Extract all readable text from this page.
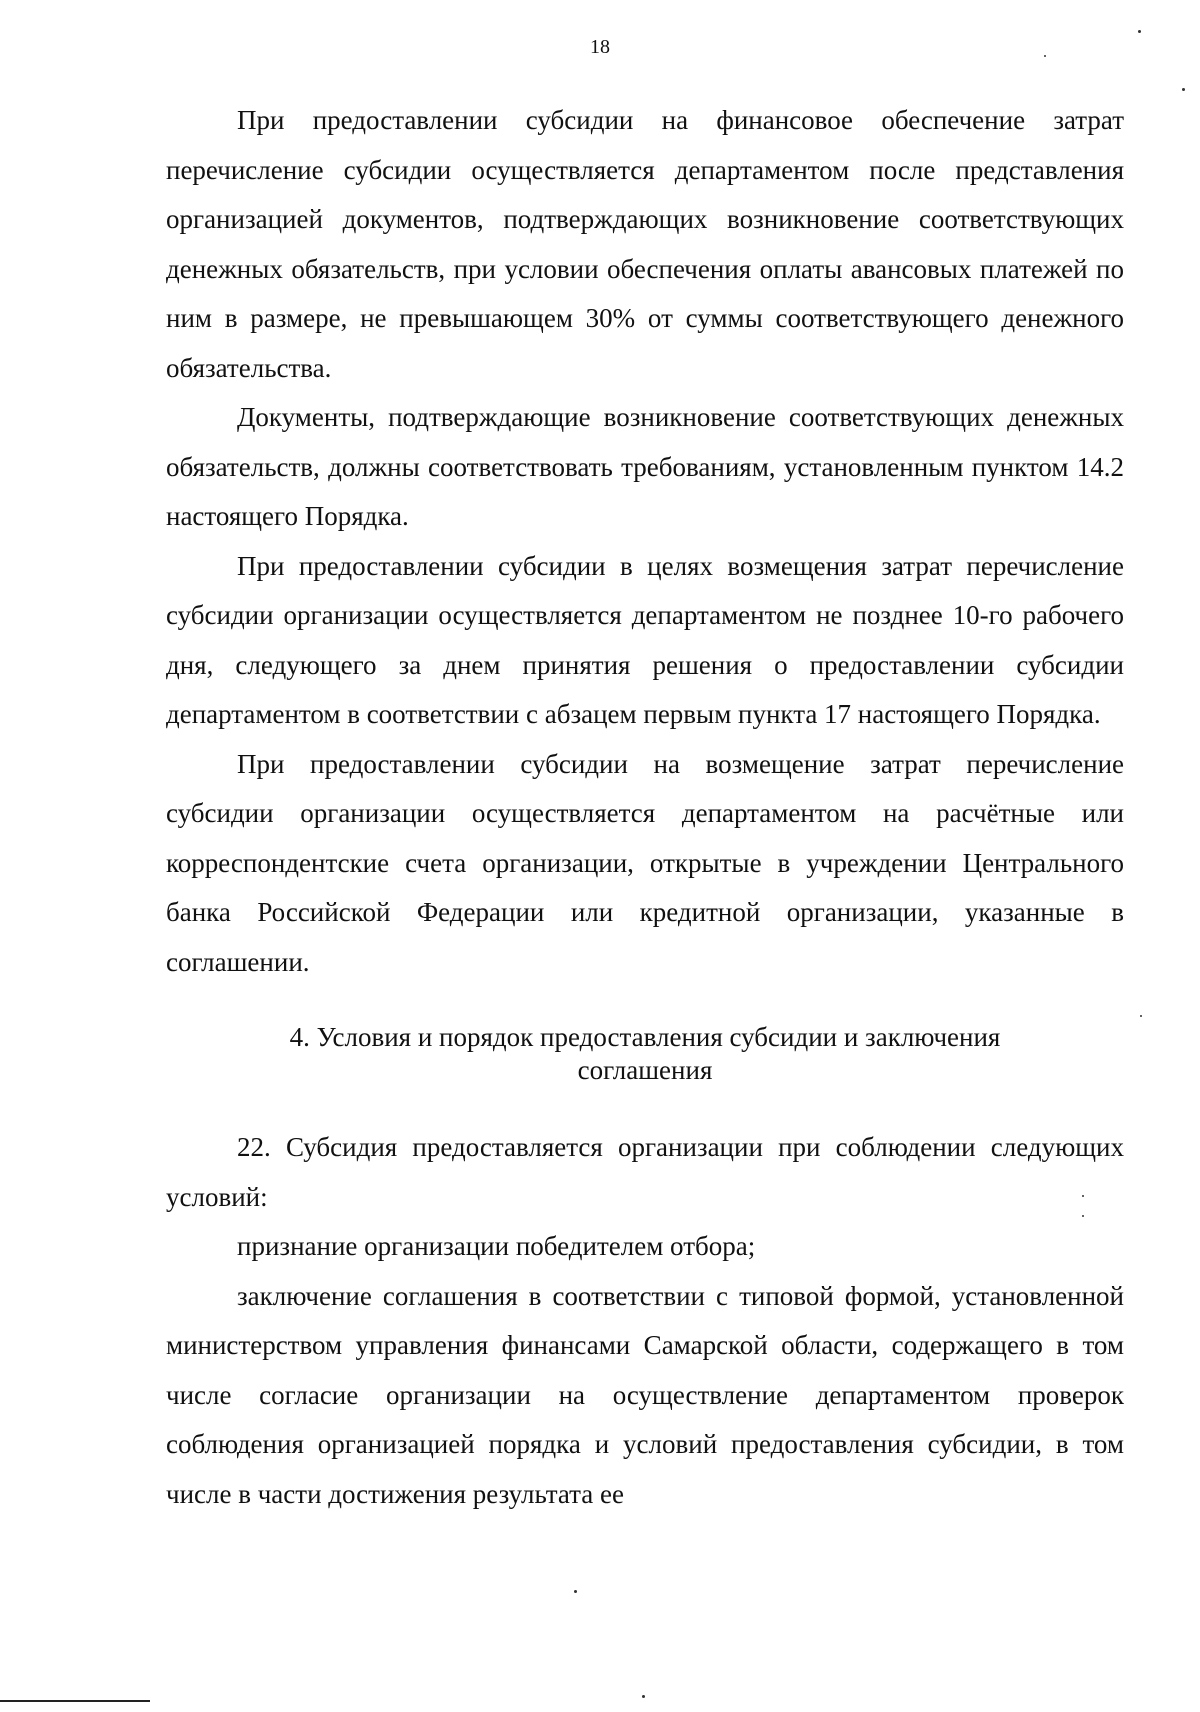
18

При предоставлении субсидии на финансовое обеспечение затрат перечисление субсидии осуществляется департаментом после представления организацией документов, подтверждающих возникновение соответствующих денежных обязательств, при условии обеспечения оплаты авансовых платежей по ним в размере, не превышающем 30% от суммы соответствующего денежного обязательства.

Документы, подтверждающие возникновение соответствующих денежных обязательств, должны соответствовать требованиям, установленным пунктом 14.2 настоящего Порядка.

При предоставлении субсидии в целях возмещения затрат перечисление субсидии организации осуществляется департаментом не позднее 10-го рабочего дня, следующего за днем принятия решения о предоставлении субсидии департаментом в соответствии с абзацем первым пункта 17 настоящего Порядка.

При предоставлении субсидии на возмещение затрат перечисление субсидии организации осуществляется департаментом на расчётные или корреспондентские счета организации, открытые в учреждении Центрального банка Российской Федерации или кредитной организации, указанные в соглашении.

4. Условия и порядок предоставления субсидии и заключения
соглашения

22. Субсидия предоставляется организации при соблюдении следующих условий:

признание организации победителем отбора;

заключение соглашения в соответствии с типовой формой, установленной министерством управления финансами Самарской области, содержащего в том числе согласие организации на осуществление департаментом проверок соблюдения организацией порядка и условий предоставления субсидии, в том числе в части достижения результата ее
